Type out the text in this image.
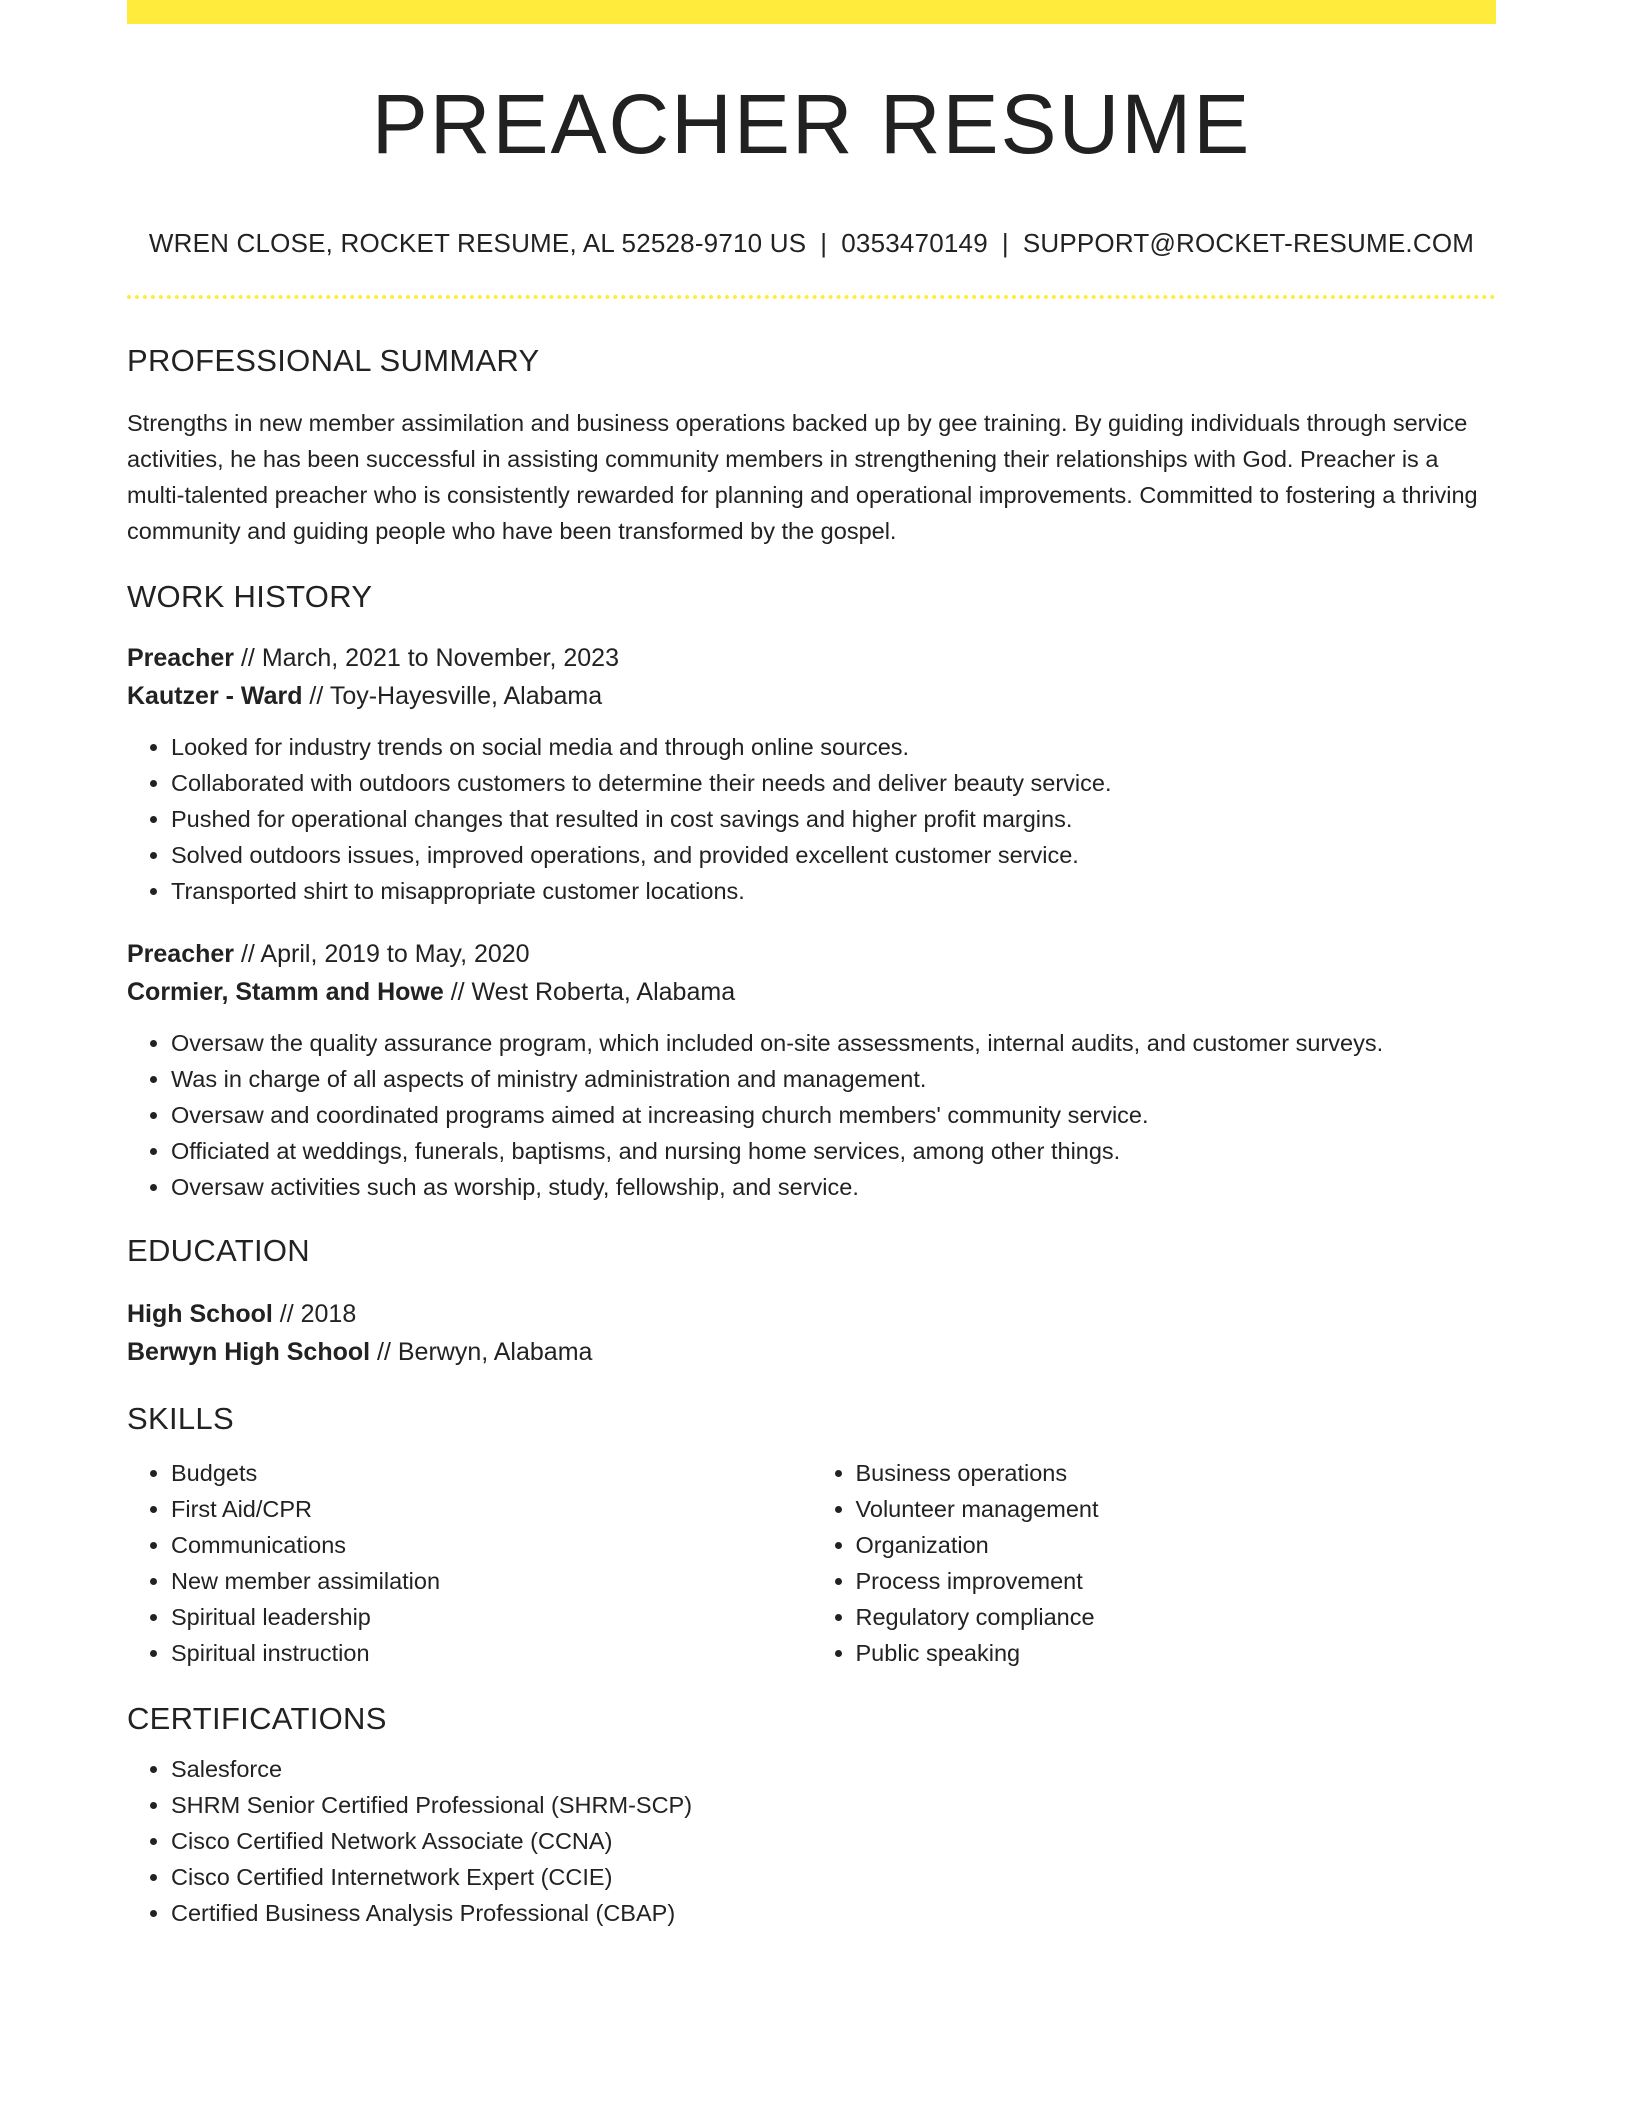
PREACHER RESUME
WREN CLOSE, ROCKET RESUME, AL 52528-9710 US | 0353470149 | SUPPORT@ROCKET-RESUME.COM
PROFESSIONAL SUMMARY
Strengths in new member assimilation and business operations backed up by gee training. By guiding individuals through service activities, he has been successful in assisting community members in strengthening their relationships with God. Preacher is a multi-talented preacher who is consistently rewarded for planning and operational improvements. Committed to fostering a thriving community and guiding people who have been transformed by the gospel.
WORK HISTORY
Preacher // March, 2021 to November, 2023
Kautzer - Ward // Toy-Hayesville, Alabama
• Looked for industry trends on social media and through online sources.
• Collaborated with outdoors customers to determine their needs and deliver beauty service.
• Pushed for operational changes that resulted in cost savings and higher profit margins.
• Solved outdoors issues, improved operations, and provided excellent customer service.
• Transported shirt to misappropriate customer locations.
Preacher // April, 2019 to May, 2020
Cormier, Stamm and Howe // West Roberta, Alabama
• Oversaw the quality assurance program, which included on-site assessments, internal audits, and customer surveys.
• Was in charge of all aspects of ministry administration and management.
• Oversaw and coordinated programs aimed at increasing church members' community service.
• Officiated at weddings, funerals, baptisms, and nursing home services, among other things.
• Oversaw activities such as worship, study, fellowship, and service.
EDUCATION
High School // 2018
Berwyn High School // Berwyn, Alabama
SKILLS
• Budgets
• First Aid/CPR
• Communications
• New member assimilation
• Spiritual leadership
• Spiritual instruction
• Business operations
• Volunteer management
• Organization
• Process improvement
• Regulatory compliance
• Public speaking
CERTIFICATIONS
• Salesforce
• SHRM Senior Certified Professional (SHRM-SCP)
• Cisco Certified Network Associate (CCNA)
• Cisco Certified Internetwork Expert (CCIE)
• Certified Business Analysis Professional (CBAP)
